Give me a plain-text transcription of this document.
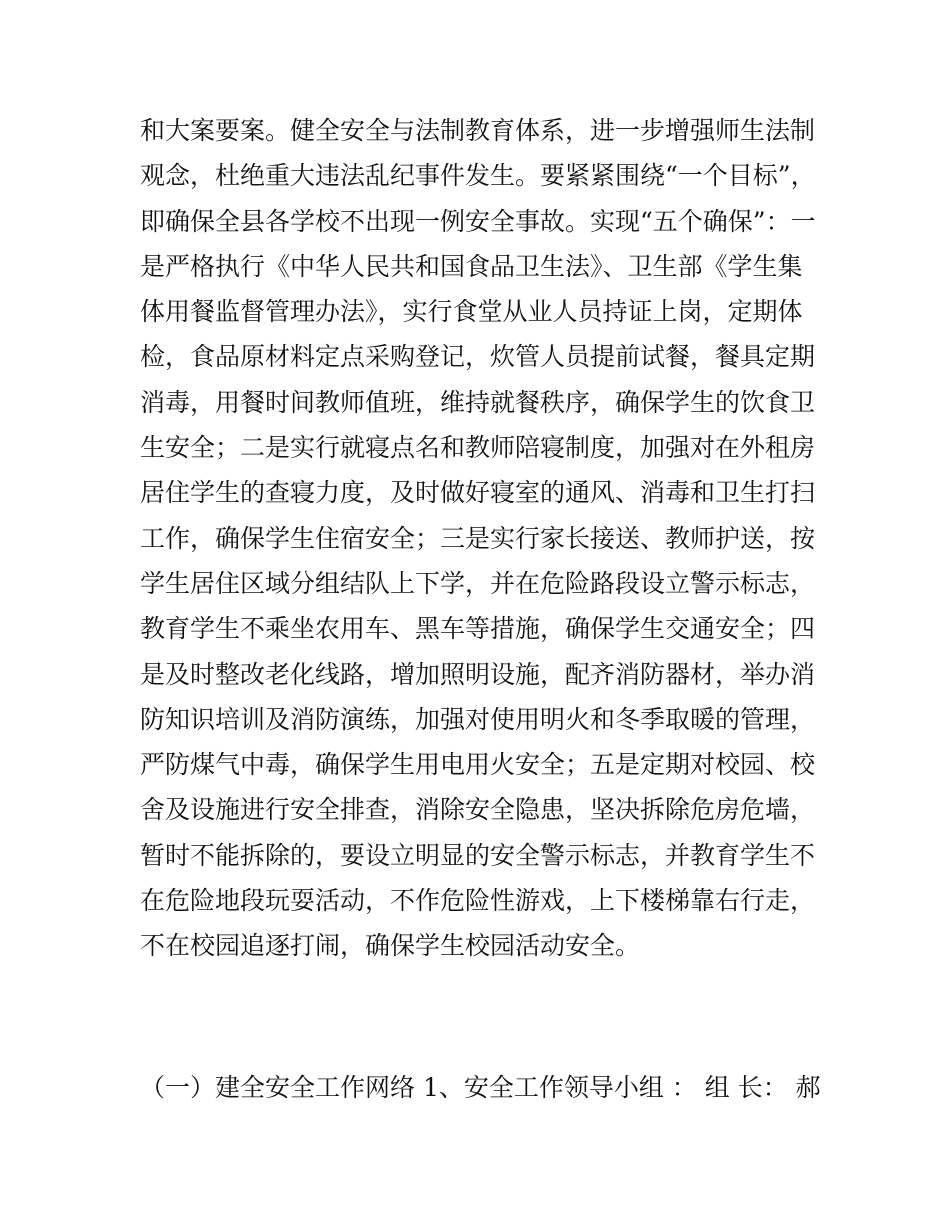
和大案要案。健全安全与法制教育体系，进一步增强师生法制
观念，杜绝重大违法乱纪事件发生。要紧紧围绕“一个目标”，
即确保全县各学校不出现一例安全事故。实现“五个确保”：一
是严格执行《中华人民共和国食品卫生法》、卫生部《学生集
体用餐监督管理办法》，实行食堂从业人员持证上岗，定期体
检，食品原材料定点采购登记，炊管人员提前试餐，餐具定期
消毒，用餐时间教师值班，维持就餐秩序，确保学生的饮食卫
生安全；二是实行就寝点名和教师陪寝制度，加强对在外租房
居住学生的查寝力度，及时做好寝室的通风、消毒和卫生打扫
工作，确保学生住宿安全；三是实行家长接送、教师护送，按
学生居住区域分组结队上下学，并在危险路段设立警示标志，
教育学生不乘坐农用车、黑车等措施，确保学生交通安全；四
是及时整改老化线路，增加照明设施，配齐消防器材，举办消
防知识培训及消防演练，加强对使用明火和冬季取暖的管理，
严防煤气中毒，确保学生用电用火安全；五是定期对校园、校
舍及设施进行安全排查，消除安全隐患，坚决拆除危房危墙，
暂时不能拆除的，要设立明显的安全警示标志，并教育学生不
在危险地段玩耍活动，不作危险性游戏，上下楼梯靠右行走，
不在校园追逐打闹，确保学生校园活动安全。
（一）建全安全工作网络 1、安全工作领导小组 ： 组 长： 郝
